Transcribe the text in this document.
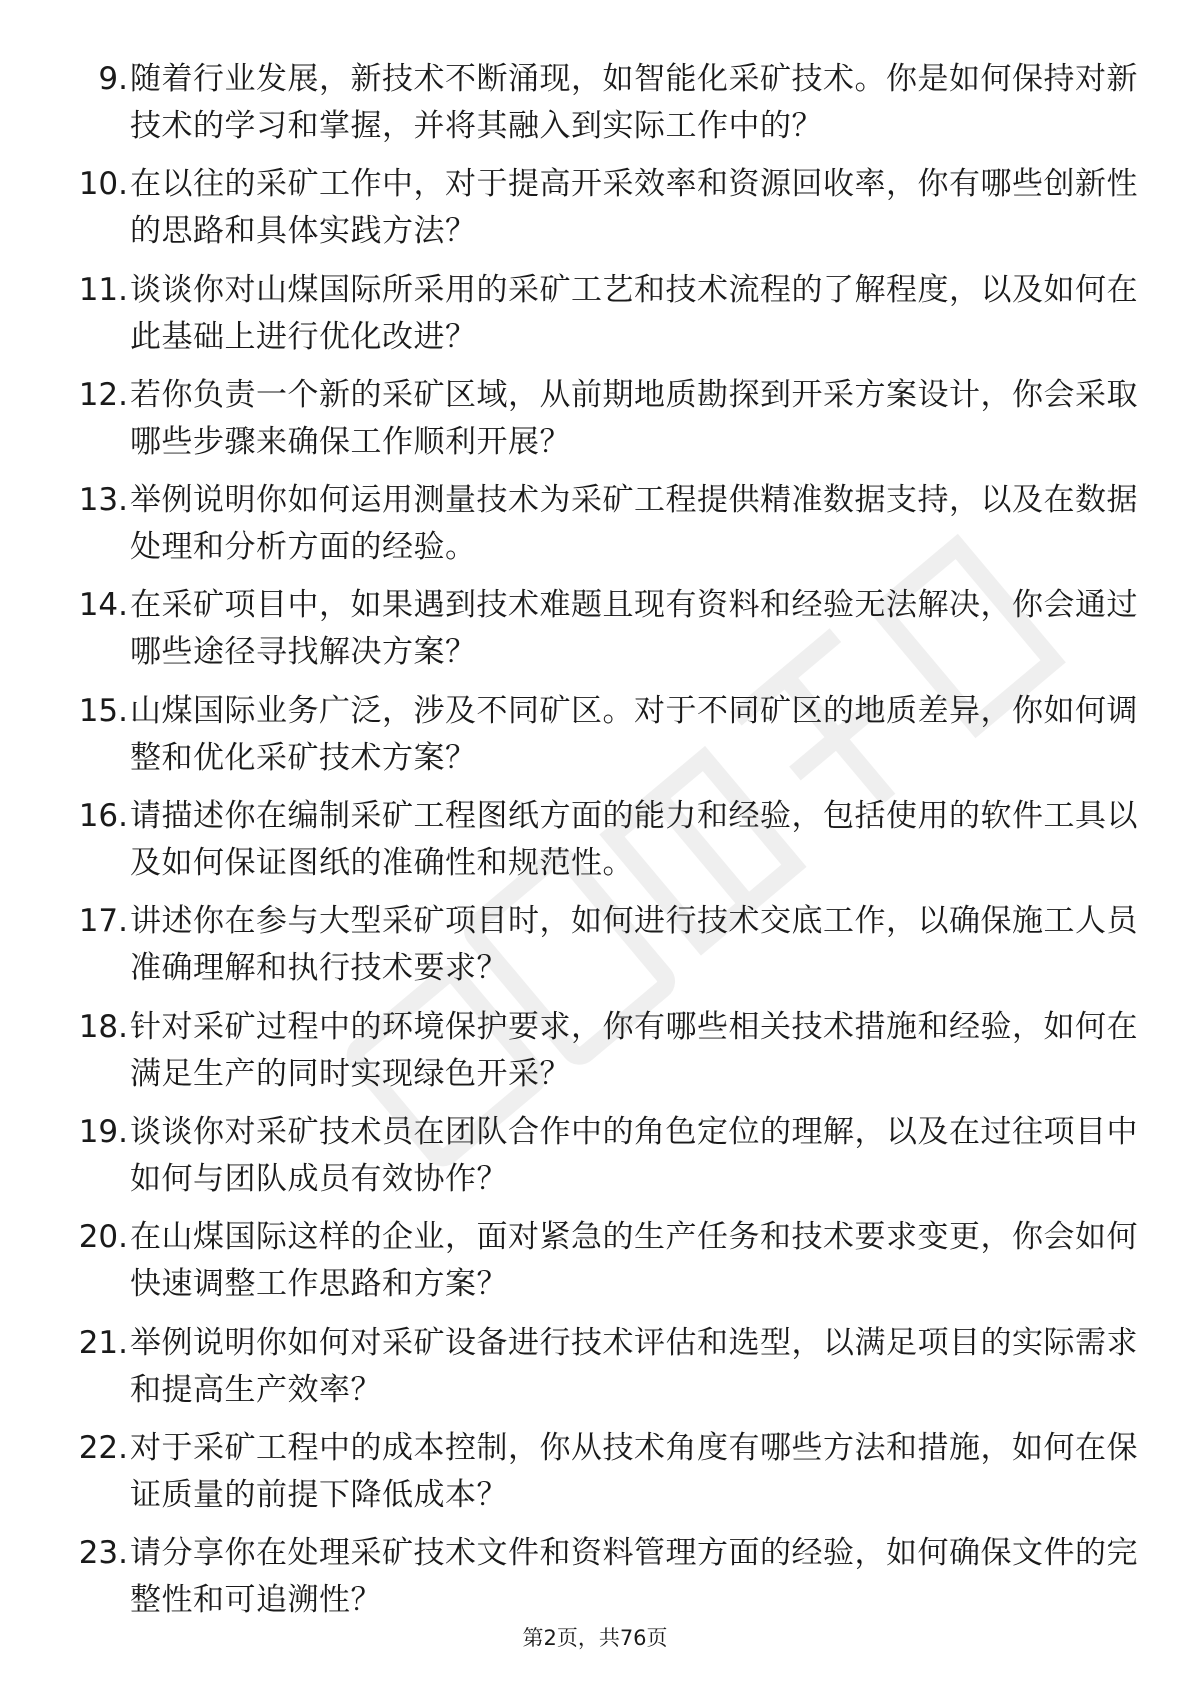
9. 随着行业发展，新技术不断涌现，如智能化采矿技术。你是如何保持对新技术的学习和掌握，并将其融入到实际工作中的？
10. 在以往的采矿工作中，对于提高开采效率和资源回收率，你有哪些创新性的思路和具体实践方法？
11. 谈谈你对山煤国际所采用的采矿工艺和技术流程的了解程度，以及如何在此基础上进行优化改进？
12. 若你负责一个新的采矿区域，从前期地质勘探到开采方案设计，你会采取哪些步骤来确保工作顺利开展？
13. 举例说明你如何运用测量技术为采矿工程提供精准数据支持，以及在数据处理和分析方面的经验。
14. 在采矿项目中，如果遇到技术难题且现有资料和经验无法解决，你会通过哪些途径寻找解决方案？
15. 山煤国际业务广泛，涉及不同矿区。对于不同矿区的地质差异，你如何调整和优化采矿技术方案？
16. 请描述你在编制采矿工程图纸方面的能力和经验，包括使用的软件工具以及如何保证图纸的准确性和规范性。
17. 讲述你在参与大型采矿项目时，如何进行技术交底工作，以确保施工人员准确理解和执行技术要求？
18. 针对采矿过程中的环境保护要求，你有哪些相关技术措施和经验，如何在满足生产的同时实现绿色开采？
19. 谈谈你对采矿技术员在团队合作中的角色定位的理解，以及在过往项目中如何与团队成员有效协作？
20. 在山煤国际这样的企业，面对紧急的生产任务和技术要求变更，你会如何快速调整工作思路和方案？
21. 举例说明你如何对采矿设备进行技术评估和选型，以满足项目的实际需求和提高生产效率？
22. 对于采矿工程中的成本控制，你从技术角度有哪些方法和措施，如何在保证质量的前提下降低成本？
23. 请分享你在处理采矿技术文件和资料管理方面的经验，如何确保文件的完整性和可追溯性？
第2页，共76页
